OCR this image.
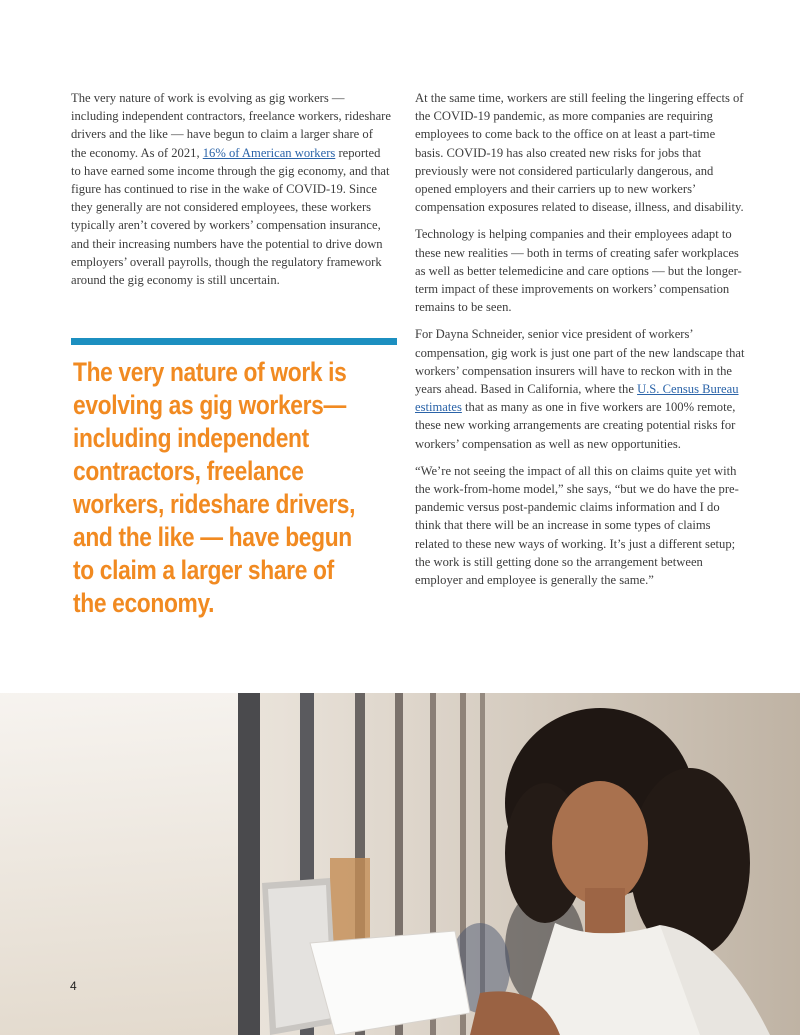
The very nature of work is evolving as gig workers — including independent contractors, freelance workers, rideshare drivers and the like — have begun to claim a larger share of the economy. As of 2021, 16% of American workers reported to have earned some income through the gig economy, and that figure has continued to rise in the wake of COVID-19. Since they generally are not considered employees, these workers typically aren’t covered by workers’ compensation insurance, and their increasing numbers have the potential to drive down employers’ overall payrolls, though the regulatory framework around the gig economy is still uncertain.

The very nature of work is evolving as gig workers— including independent contractors, freelance workers, rideshare drivers, and the like — have begun to claim a larger share of the economy.

At the same time, workers are still feeling the lingering effects of the COVID-19 pandemic, as more companies are requiring employees to come back to the office on at least a part-time basis. COVID-19 has also created new risks for jobs that previously were not considered particularly dangerous, and opened employers and their carriers up to new workers’ compensation exposures related to disease, illness, and disability.

Technology is helping companies and their employees adapt to these new realities — both in terms of creating safer workplaces as well as better telemedicine and care options — but the longer-term impact of these improvements on workers’ compensation remains to be seen.

For Dayna Schneider, senior vice president of workers’ compensation, gig work is just one part of the new landscape that workers’ compensation insurers will have to reckon with in the years ahead. Based in California, where the U.S. Census Bureau estimates that as many as one in five workers are 100% remote, these new working arrangements are creating potential risks for workers’ compensation as well as new opportunities.

“We’re not seeing the impact of all this on claims quite yet with the work-from-home model,” she says, “but we do have the pre-pandemic versus post-pandemic claims information and I do think that there will be an increase in some types of claims related to these new ways of working. It’s just a different setup; the work is still getting done so the arrangement between employer and employee is generally the same.”

4
